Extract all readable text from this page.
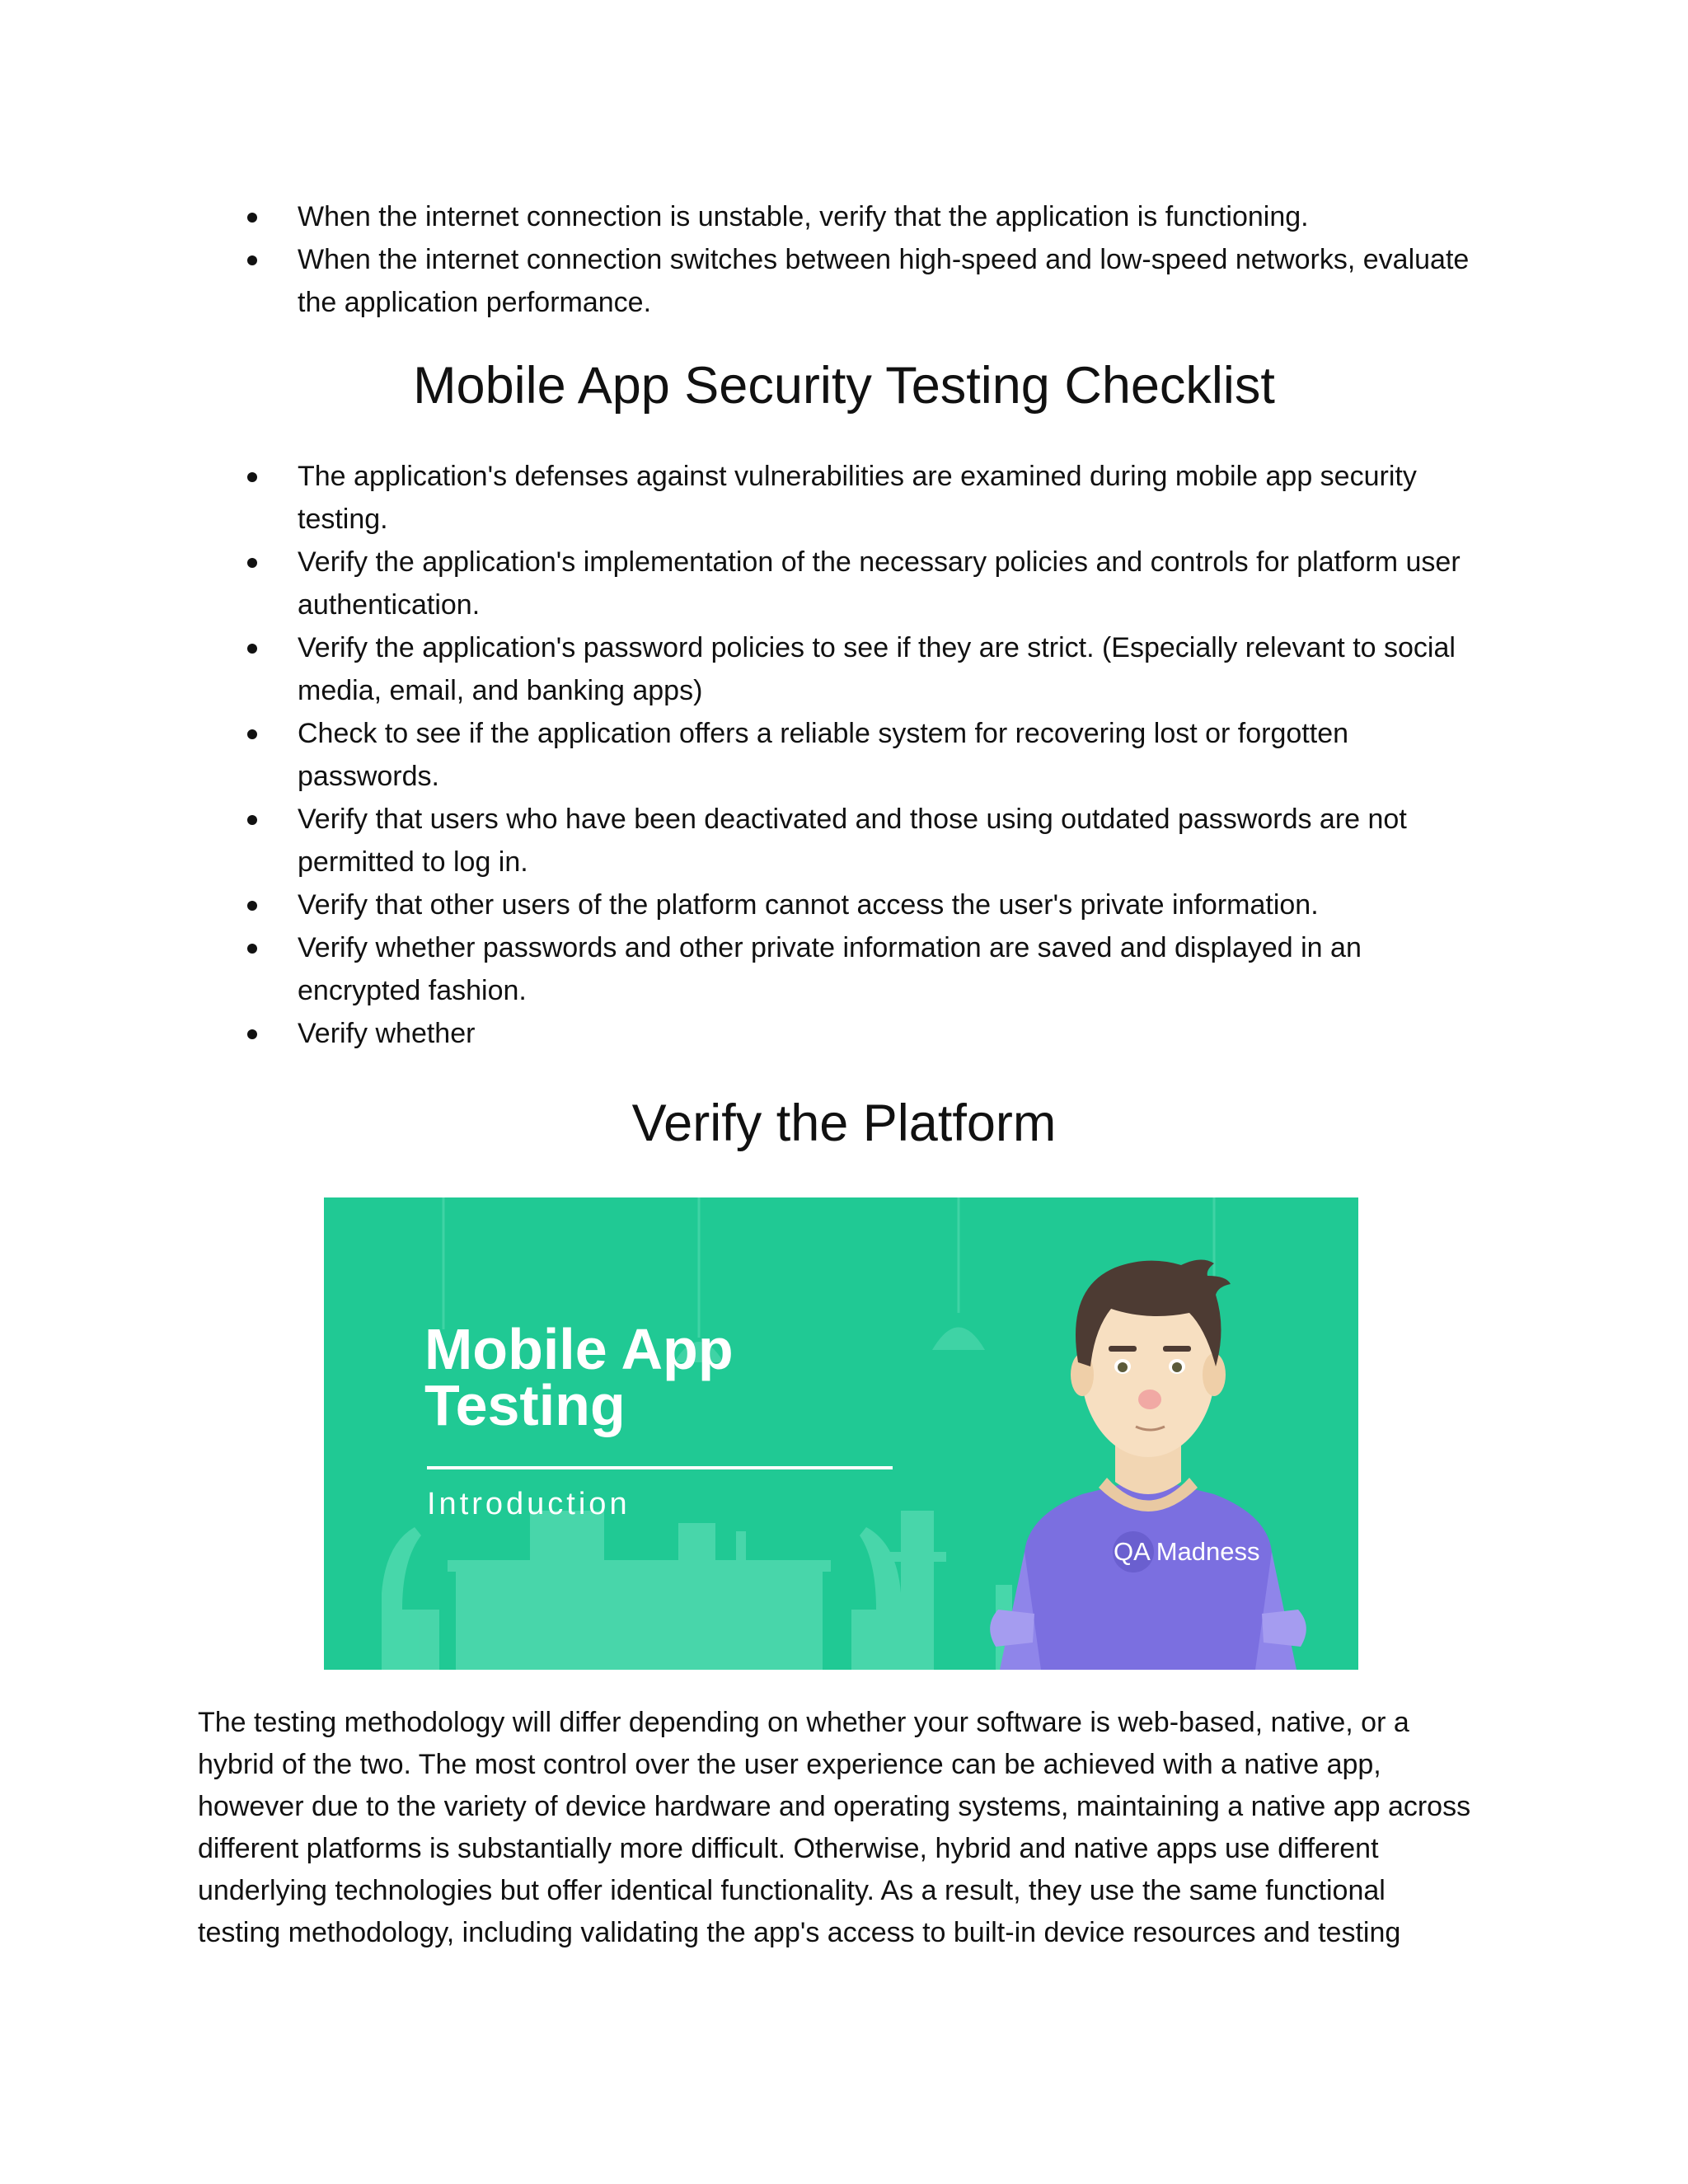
When the internet connection is unstable, verify that the application is functioning.
When the internet connection switches between high-speed and low-speed networks, evaluate
the application performance.
Mobile App Security Testing Checklist
The application's defenses against vulnerabilities are examined during mobile app security
testing.
Verify the application's implementation of the necessary policies and controls for platform user
authentication.
Verify the application's password policies to see if they are strict. (Especially relevant to social
media, email, and banking apps)
Check to see if the application offers a reliable system for recovering lost or forgotten
passwords.
Verify that users who have been deactivated and those using outdated passwords are not
permitted to log in.
Verify that other users of the platform cannot access the user's private information.
Verify whether passwords and other private information are saved and displayed in an
encrypted fashion.
Verify whether
Verify the Platform
Mobile App
Testing
Introduction
QA Madness

The testing methodology will differ depending on whether your software is web-based, native, or a
hybrid of the two. The most control over the user experience can be achieved with a native app,
however due to the variety of device hardware and operating systems, maintaining a native app across
different platforms is substantially more difficult. Otherwise, hybrid and native apps use different
underlying technologies but offer identical functionality. As a result, they use the same functional
testing methodology, including validating the app's access to built-in device resources and testing
